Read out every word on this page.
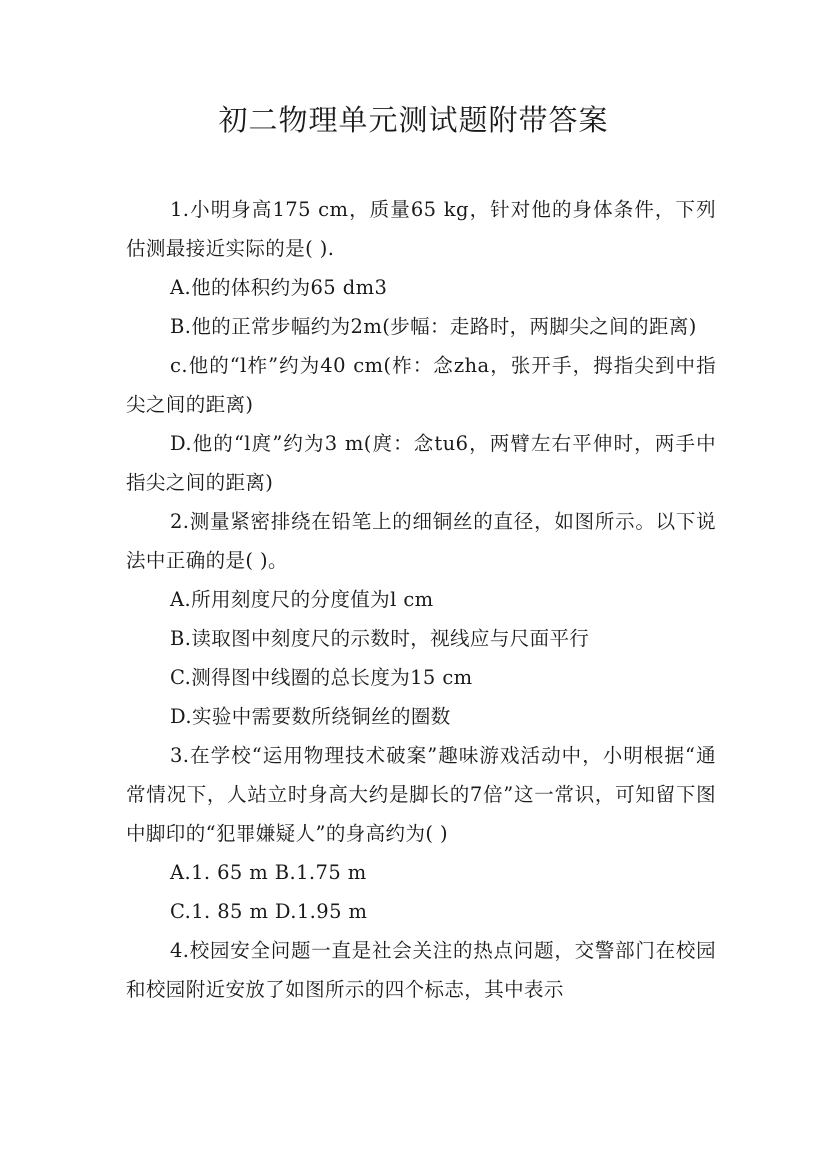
初二物理单元测试题附带答案

1.小明身高175 cm，质量65 kg，针对他的身体条件，下列估测最接近实际的是( ).

A.他的体积约为65 dm3

B.他的正常步幅约为2m(步幅：走路时，两脚尖之间的距离)

c.他的“l柞”约为40 cm(柞：念zha，张开手，拇指尖到中指尖之间的距离)

D.他的“l庹”约为3 m(庹：念tu6，两臂左右平伸时，两手中指尖之间的距离)

2.测量紧密排绕在铅笔上的细铜丝的直径，如图所示。以下说法中正确的是( )。

A.所用刻度尺的分度值为l cm

B.读取图中刻度尺的示数时，视线应与尺面平行

C.测得图中线圈的总长度为15 cm

D.实验中需要数所绕铜丝的圈数

3.在学校“运用物理技术破案”趣味游戏活动中，小明根据“通常情况下，人站立时身高大约是脚长的7倍”这一常识，可知留下图中脚印的“犯罪嫌疑人”的身高约为( )

A.1. 65 m B.1.75 m

C.1. 85 m D.1.95 m

4.校园安全问题一直是社会关注的热点问题，交警部门在校园和校园附近安放了如图所示的四个标志，其中表示
